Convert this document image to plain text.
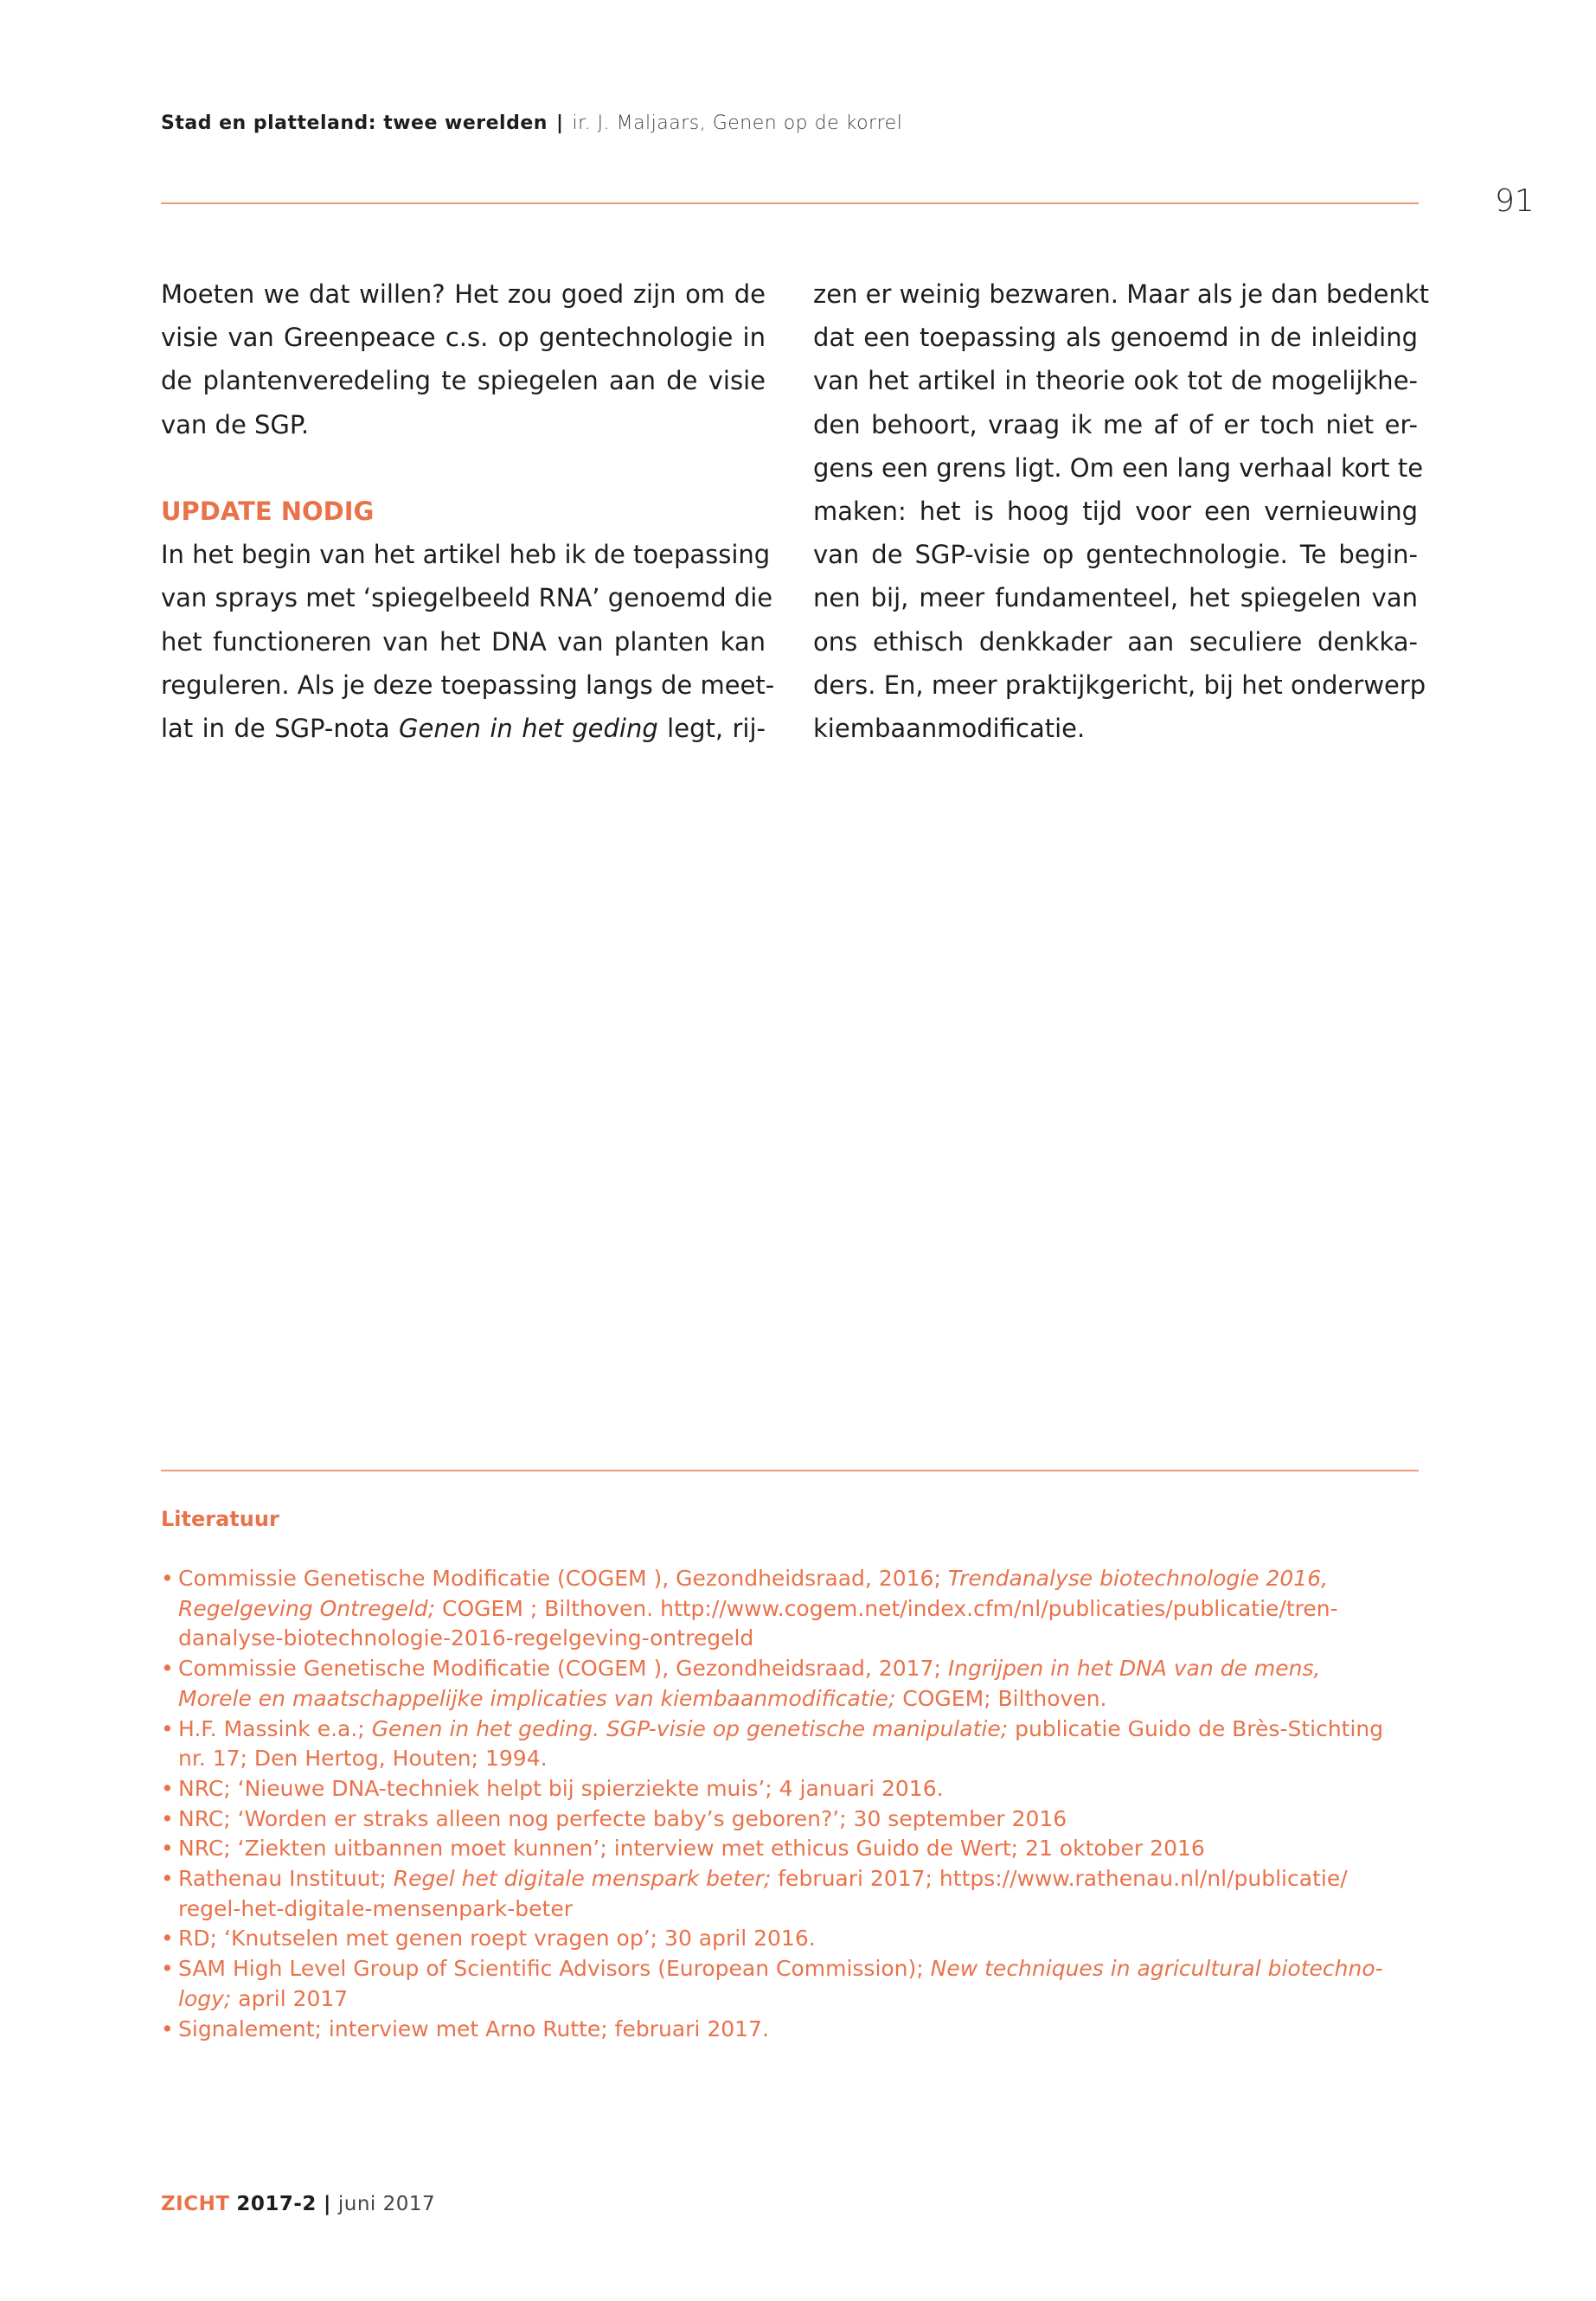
Stad en platteland: twee werelden | ir. J. Maljaars, Genen op de korrel
91
Moeten we dat willen? Het zou goed zijn om de
visie van Greenpeace c.s. op gentechnologie in
de plantenveredeling te spiegelen aan de visie
van de SGP.
UPDATE NODIG
In het begin van het artikel heb ik de toepassing
van sprays met ‘spiegelbeeld RNA’ genoemd die
het functioneren van het DNA van planten kan
reguleren. Als je deze toepassing langs de meet-
lat in de SGP-nota Genen in het geding legt, rij-
zen er weinig bezwaren. Maar als je dan bedenkt
dat een toepassing als genoemd in de inleiding
van het artikel in theorie ook tot de mogelijkhe-
den behoort, vraag ik me af of er toch niet er-
gens een grens ligt. Om een lang verhaal kort te
maken: het is hoog tijd voor een vernieuwing
van de SGP-visie op gentechnologie. Te begin-
nen bij, meer fundamenteel, het spiegelen van
ons ethisch denkkader aan seculiere denkka-
ders. En, meer praktijkgericht, bij het onderwerp
kiembaanmodificatie.
Literatuur
• Commissie Genetische Modificatie (COGEM ), Gezondheidsraad, 2016; Trendanalyse biotechnologie 2016,
Regelgeving Ontregeld; COGEM ; Bilthoven. http://www.cogem.net/index.cfm/nl/publicaties/publicatie/tren-
danalyse-biotechnologie-2016-regelgeving-ontregeld
• Commissie Genetische Modificatie (COGEM ), Gezondheidsraad, 2017; Ingrijpen in het DNA van de mens,
Morele en maatschappelijke implicaties van kiembaanmodificatie; COGEM; Bilthoven.
• H.F. Massink e.a.; Genen in het geding. SGP-visie op genetische manipulatie; publicatie Guido de Brès-Stichting
nr. 17; Den Hertog, Houten; 1994.
• NRC; ‘Nieuwe DNA-techniek helpt bij spierziekte muis’; 4 januari 2016.
• NRC; ‘Worden er straks alleen nog perfecte baby’s geboren?’; 30 september 2016
• NRC; ‘Ziekten uitbannen moet kunnen’; interview met ethicus Guido de Wert; 21 oktober 2016
• Rathenau Instituut; Regel het digitale menspark beter; februari 2017; https://www.rathenau.nl/nl/publicatie/
regel-het-digitale-mensenpark-beter
• RD; ‘Knutselen met genen roept vragen op’; 30 april 2016.
• SAM High Level Group of Scientific Advisors (European Commission); New techniques in agricultural biotechno-
logy; april 2017
• Signalement; interview met Arno Rutte; februari 2017.
ZICHT 2017-2 | juni 2017
